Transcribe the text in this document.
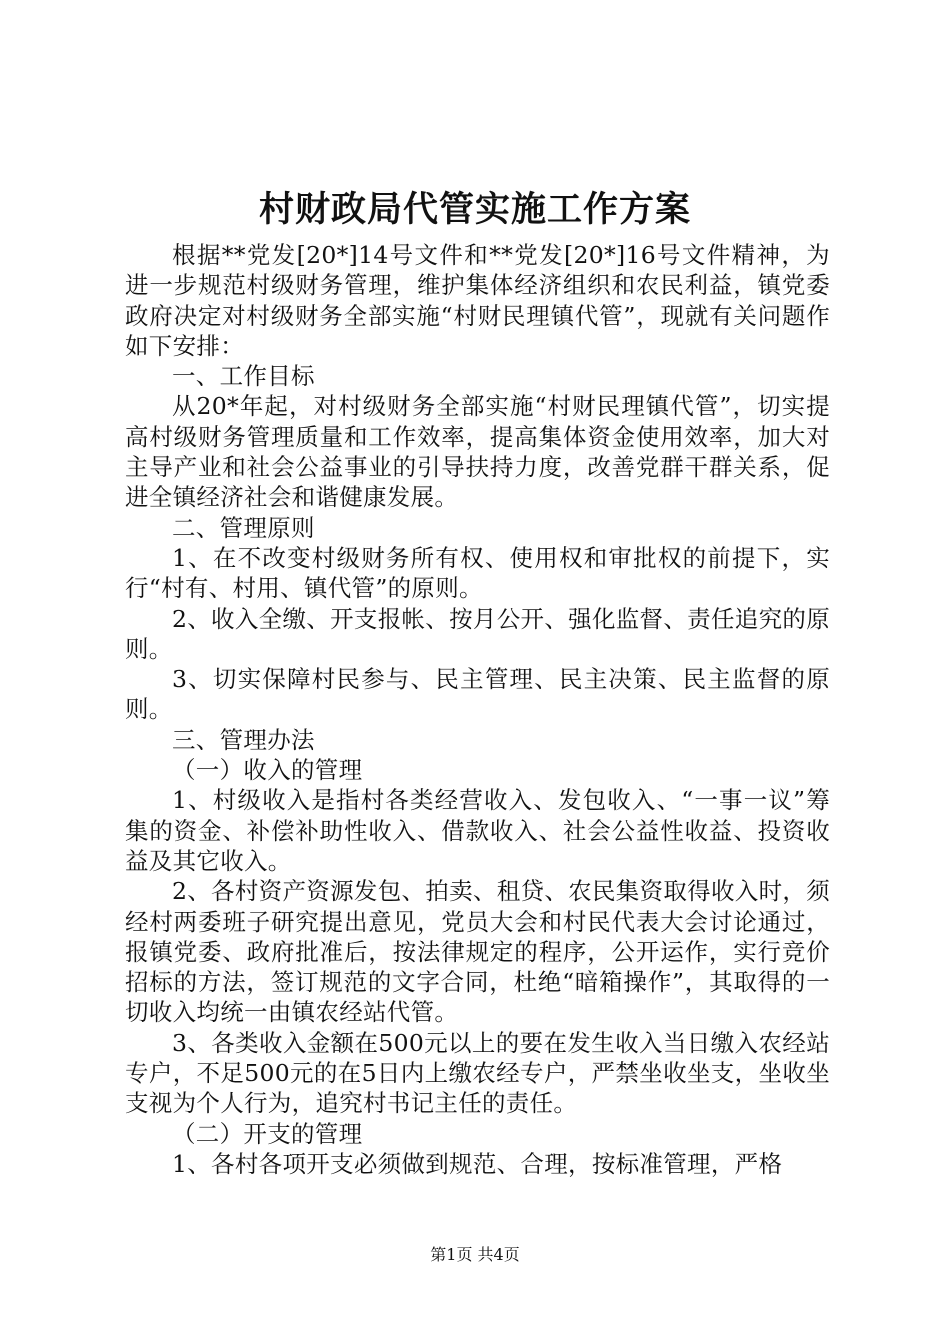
村财政局代管实施工作方案

根据**党发[20*]14号文件和**党发[20*]16号文件精神，为进一步规范村级财务管理，维护集体经济组织和农民利益，镇党委政府决定对村级财务全部实施“村财民理镇代管”，现就有关问题作如下安排：

一、工作目标

从20*年起，对村级财务全部实施“村财民理镇代管”，切实提高村级财务管理质量和工作效率，提高集体资金使用效率，加大对主导产业和社会公益事业的引导扶持力度，改善党群干群关系，促进全镇经济社会和谐健康发展。

二、管理原则

1、在不改变村级财务所有权、使用权和审批权的前提下，实行“村有、村用、镇代管”的原则。

2、收入全缴、开支报帐、按月公开、强化监督、责任追究的原则。

3、切实保障村民参与、民主管理、民主决策、民主监督的原则。

三、管理办法

（一）收入的管理

1、村级收入是指村各类经营收入、发包收入、“一事一议”筹集的资金、补偿补助性收入、借款收入、社会公益性收益、投资收益及其它收入。

2、各村资产资源发包、拍卖、租贷、农民集资取得收入时，须经村两委班子研究提出意见，党员大会和村民代表大会讨论通过，报镇党委、政府批准后，按法律规定的程序，公开运作，实行竞价招标的方法，签订规范的文字合同，杜绝“暗箱操作”，其取得的一切收入均统一由镇农经站代管。

3、各类收入金额在500元以上的要在发生收入当日缴入农经站专户，不足500元的在5日内上缴农经专户，严禁坐收坐支，坐收坐支视为个人行为，追究村书记主任的责任。

（二）开支的管理

1、各村各项开支必须做到规范、合理，按标准管理，严格

第1页 共4页
